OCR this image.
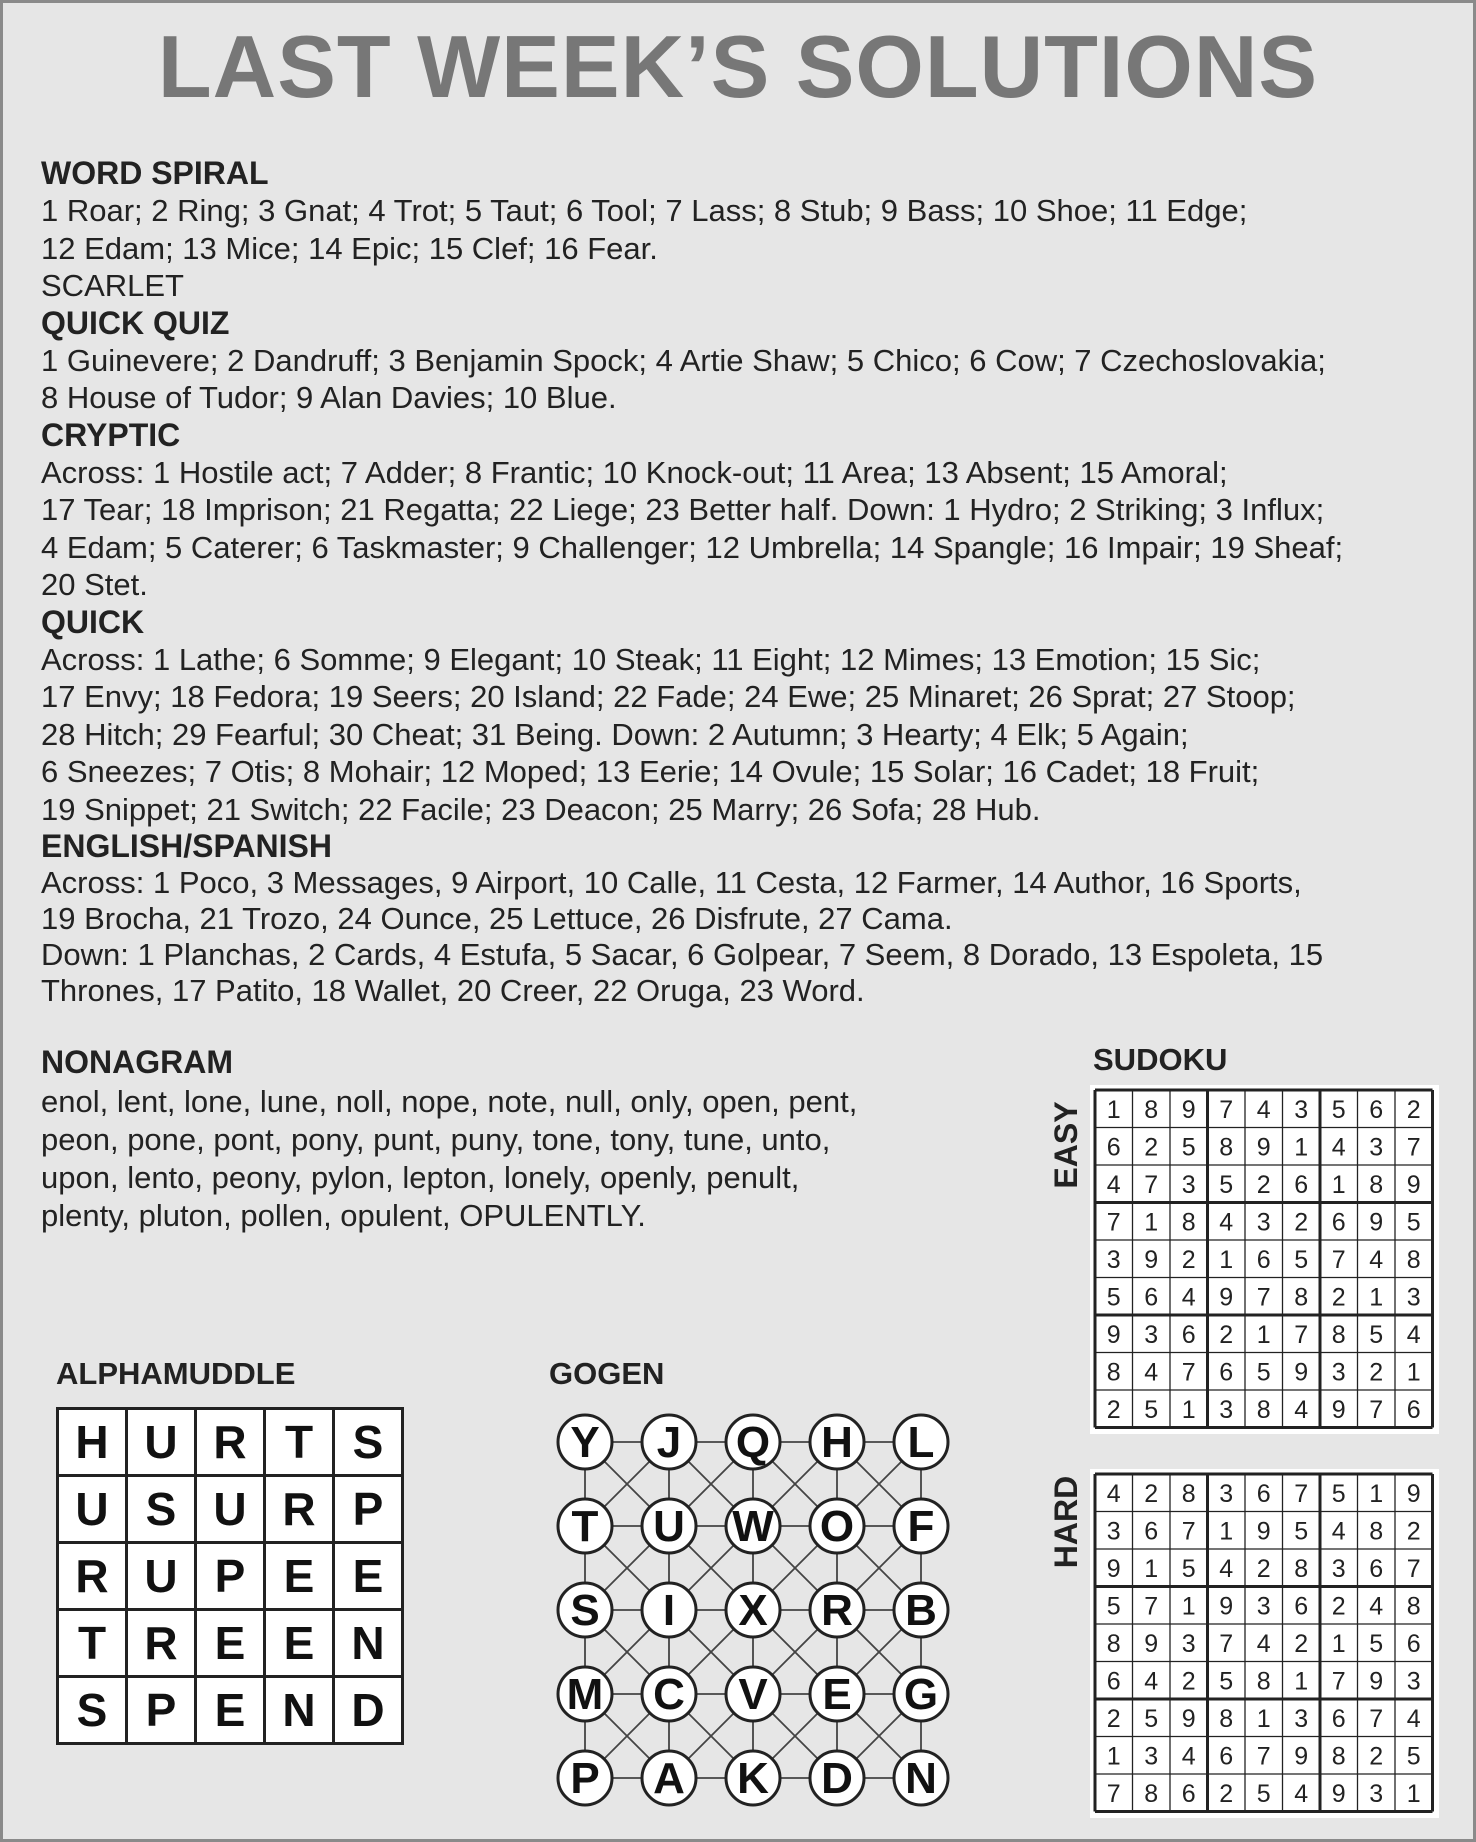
LAST WEEK’S SOLUTIONS
WORD SPIRAL

1 Roar; 2 Ring; 3 Gnat; 4 Trot; 5 Taut; 6 Tool; 7 Lass; 8 Stub; 9 Bass; 10 Shoe; 11 Edge;

12 Edam; 13 Mice; 14 Epic; 15 Clef; 16 Fear.

SCARLET

QUICK QUIZ

1 Guinevere; 2 Dandruff; 3 Benjamin Spock; 4 Artie Shaw; 5 Chico; 6 Cow; 7 Czechoslovakia;

8 House of Tudor; 9 Alan Davies; 10 Blue.

CRYPTIC

Across: 1 Hostile act; 7 Adder; 8 Frantic; 10 Knock-out; 11 Area; 13 Absent; 15 Amoral;

17 Tear; 18 Imprison; 21 Regatta; 22 Liege; 23 Better half. Down: 1 Hydro; 2 Striking; 3 Influx;

4 Edam; 5 Caterer; 6 Taskmaster; 9 Challenger; 12 Umbrella; 14 Spangle; 16 Impair; 19 Sheaf;

20 Stet.

QUICK

Across: 1 Lathe; 6 Somme; 9 Elegant; 10 Steak; 11 Eight; 12 Mimes; 13 Emotion; 15 Sic;

17 Envy; 18 Fedora; 19 Seers; 20 Island; 22 Fade; 24 Ewe; 25 Minaret; 26 Sprat; 27 Stoop;

28 Hitch; 29 Fearful; 30 Cheat; 31 Being. Down: 2 Autumn; 3 Hearty; 4 Elk; 5 Again;

6 Sneezes; 7 Otis; 8 Mohair; 12 Moped; 13 Eerie; 14 Ovule; 15 Solar; 16 Cadet; 18 Fruit;

19 Snippet; 21 Switch; 22 Facile; 23 Deacon; 25 Marry; 26 Sofa; 28 Hub.

ENGLISH/SPANISH

Across: 1 Poco, 3 Messages, 9 Airport, 10 Calle, 11 Cesta, 12 Farmer, 14 Author, 16 Sports,

19 Brocha, 21 Trozo, 24 Ounce, 25 Lettuce, 26 Disfrute, 27 Cama.

Down: 1 Planchas, 2 Cards, 4 Estufa, 5 Sacar, 6 Golpear, 7 Seem, 8 Dorado, 13 Espoleta, 15

Thrones, 17 Patito, 18 Wallet, 20 Creer, 22 Oruga, 23 Word.

NONAGRAM

enol, lent, lone, lune, noll, nope, note, null, only, open, pent,

peon, pone, pont, pony, punt, puny, tone, tony, tune, unto,

upon, lento, peony, pylon, lepton, lonely, openly, penult,

plenty, pluton, pollen, opulent, OPULENTLY.

ALPHAMUDDLE
H	U	R	T	S
U	S	U	R	P
R	U	P	E	E
T	R	E	E	N
S	P	E	N	D
GOGEN
Y J Q H L
T U W O F
S I X R B
M C V E G
P A K D N
SUDOKU
EASY 1 8 9 7 4 3 5 6 2
6 2 5 8 9 1 4 3 7
4 7 3 5 2 6 1 8 9
7 1 8 4 3 2 6 9 5
3 9 2 1 6 5 7 4 8
5 6 4 9 7 8 2 1 3
9 3 6 2 1 7 8 5 4
8 4 7 6 5 9 3 2 1
2 5 1 3 8 4 9 7 6
HARD 4 2 8 3 6 7 5 1 9
3 6 7 1 9 5 4 8 2
9 1 5 4 2 8 3 6 7
5 7 1 9 3 6 2 4 8
8 9 3 7 4 2 1 5 6
6 4 2 5 8 1 7 9 3
2 5 9 8 1 3 6 7 4
1 3 4 6 7 9 8 2 5
7 8 6 2 5 4 9 3 1
